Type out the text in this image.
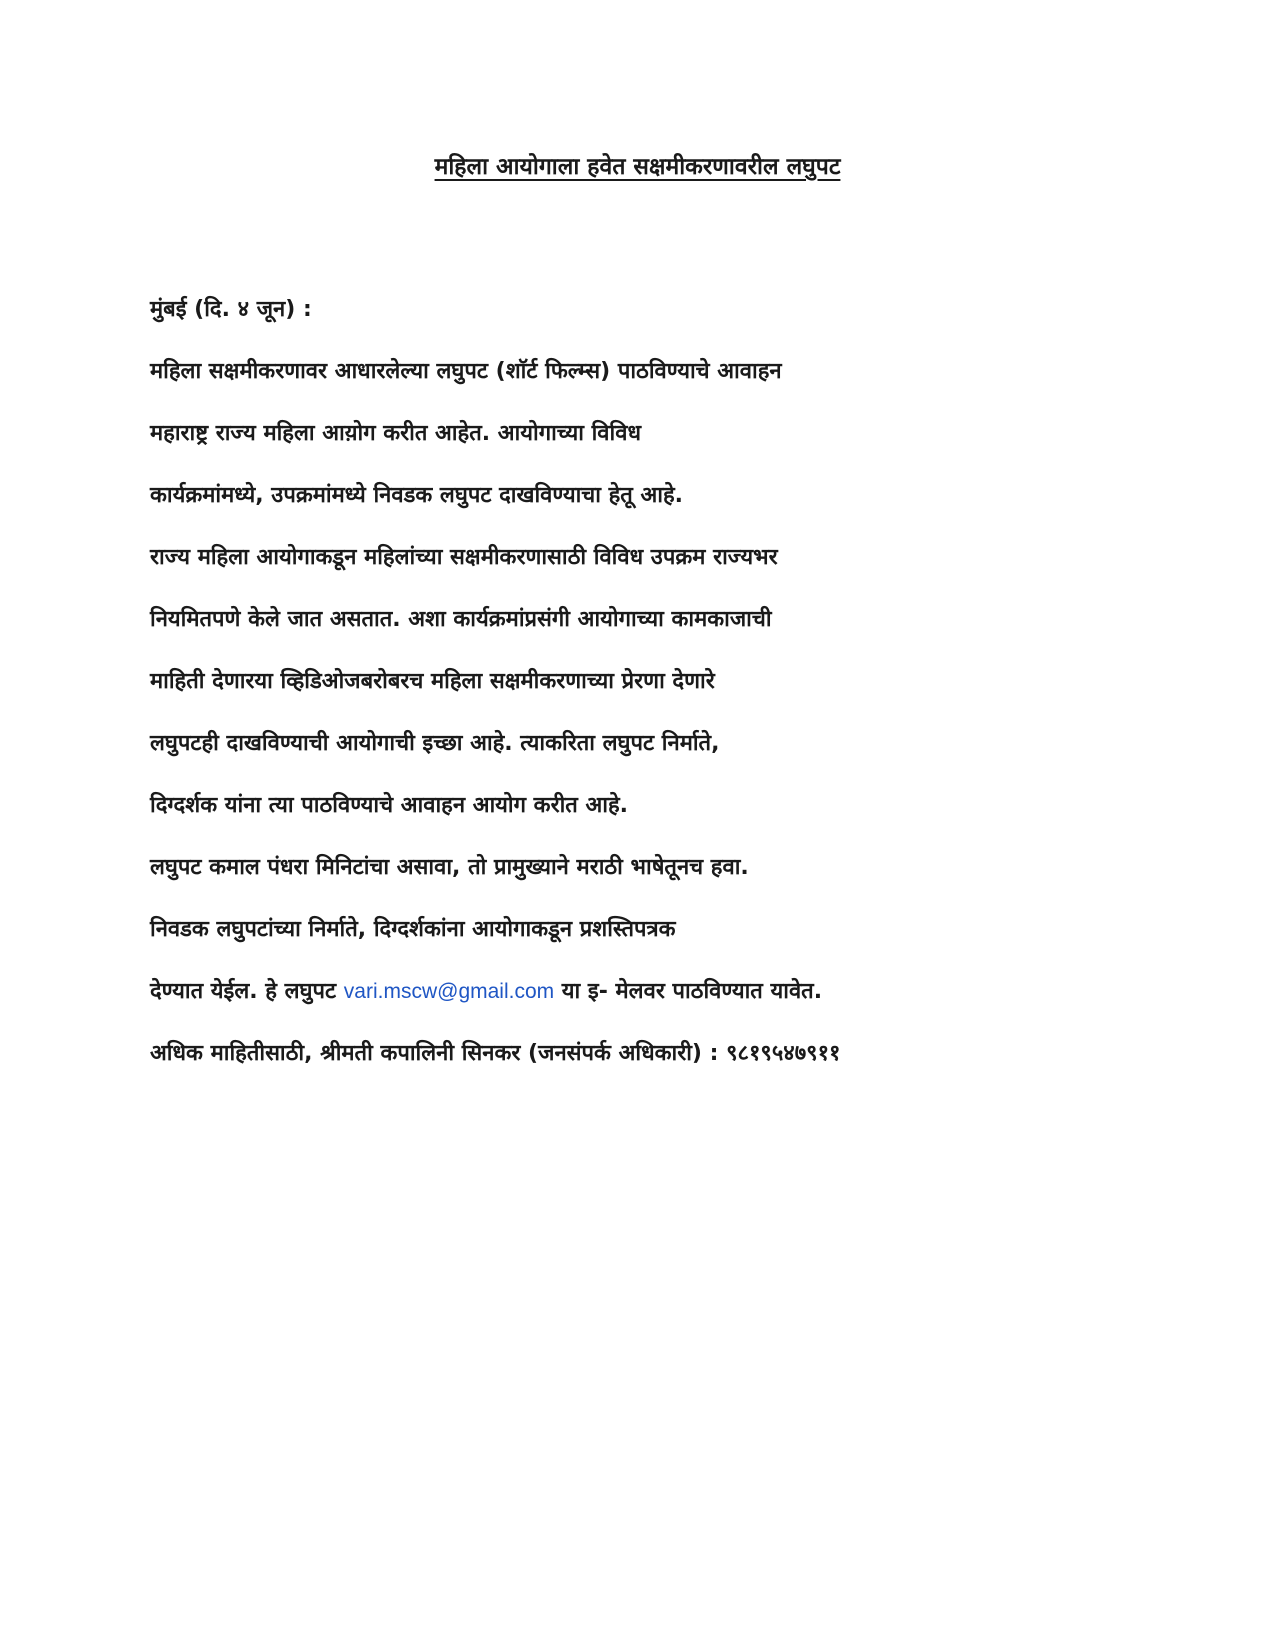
महिला आयोगाला हवेत सक्षमीकरणावरील लघुपट
मुंबई (दि. ४ जून) :
महिला सक्षमीकरणावर आधारलेल्या लघुपट (शाॅर्ट फिल्म्स) पाठविण्याचे आवाहन
महाराष्ट्र राज्य महिला आय़ोग करीत आहेत. आयोगाच्या विविध
कार्यक्रमांमध्ये, उपक्रमांमध्ये निवडक लघुपट दाखविण्याचा हेतू आहे.
राज्य महिला आयोगाकडून महिलांच्या सक्षमीकरणासाठी विविध उपक्रम राज्यभर
नियमितपणे केले जात असतात. अशा कार्यक्रमांप्रसंगी आयोगाच्या कामकाजाची
माहिती देणारया व्हिडिओजबरोबरच महिला सक्षमीकरणाच्या प्रेरणा देणारे
लघुपटही दाखविण्याची आयोगाची इच्छा आहे. त्याकरिता लघुपट निर्माते,
दिग्दर्शक यांना त्या पाठविण्याचे आवाहन आयोग करीत आहे.
लघुपट कमाल पंधरा मिनिटांचा असावा, तो प्रामुख्याने मराठी भाषेतूनच हवा.
निवडक लघुपटांच्या निर्माते, दिग्दर्शकांना आयोगाकडून प्रशस्तिपत्रक
देण्यात येईल. हे लघुपट vari.mscw@gmail.com या इ- मेलवर पाठविण्यात यावेत.
अधिक माहितीसाठी, श्रीमती कपालिनी सिनकर (जनसंपर्क अधिकारी) : ९८१९५४७९११
